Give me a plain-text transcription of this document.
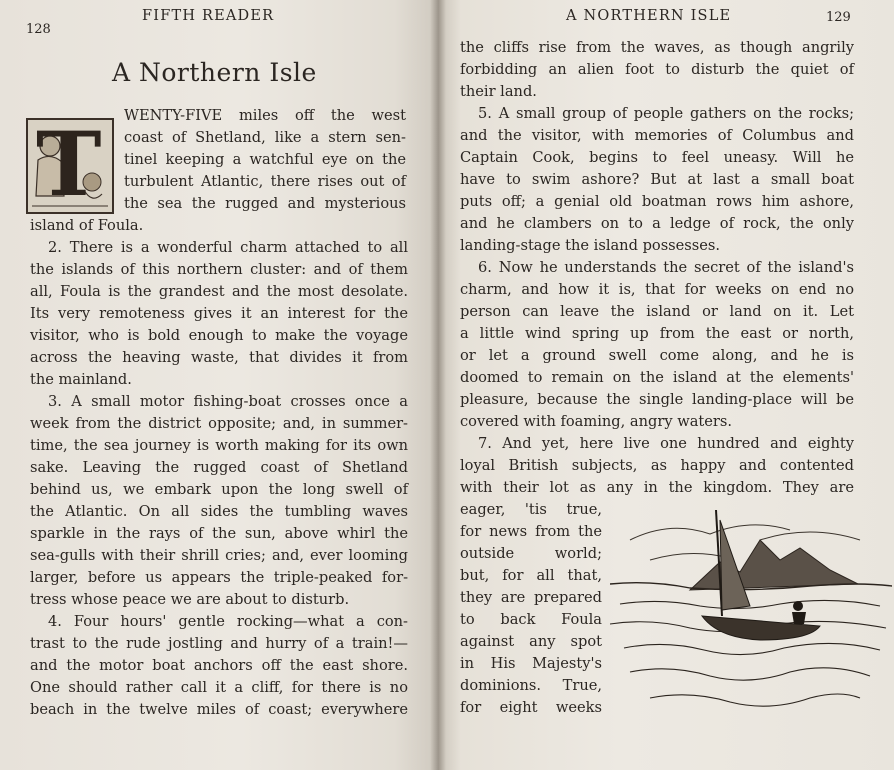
128
FIFTH READER
A Northern Isle
T WENTY-FIVE miles off the west
coast of Shetland, like a stern sen-
tinel keeping a watchful eye on the
turbulent Atlantic, there rises out of
the sea the rugged and mysterious
island of Foula.
2. There is a wonderful charm attached to all
the islands of this northern cluster: and of them
all, Foula is the grandest and the most desolate.
Its very remoteness gives it an interest for the
visitor, who is bold enough to make the voyage
across the heaving waste, that divides it from
the mainland.
3. A small motor fishing-boat crosses once a
week from the district opposite; and, in summer-
time, the sea journey is worth making for its own
sake. Leaving the rugged coast of Shetland
behind us, we embark upon the long swell of
the Atlantic. On all sides the tumbling waves
sparkle in the rays of the sun, above whirl the
sea-gulls with their shrill cries; and, ever looming
larger, before us appears the triple-peaked for-
tress whose peace we are about to disturb.
4. Four hours' gentle rocking—what a con-
trast to the rude jostling and hurry of a train!—
and the motor boat anchors off the east shore.
One should rather call it a cliff, for there is no
beach in the twelve miles of coast; everywhere
A NORTHERN ISLE	129
the cliffs rise from the waves, as though angrily
forbidding an alien foot to disturb the quiet of
their land.
5. A small group of people gathers on the rocks;
and the visitor, with memories of Columbus and
Captain Cook, begins to feel uneasy. Will he
have to swim ashore? But at last a small boat
puts off; a genial old boatman rows him ashore,
and he clambers on to a ledge of rock, the only
landing-stage the island possesses.
6. Now he understands the secret of the island's
charm, and how it is, that for weeks on end no
person can leave the island or land on it. Let
a little wind spring up from the east or north,
or let a ground swell come along, and he is
doomed to remain on the island at the elements'
pleasure, because the single landing-place will be
covered with foaming, angry waters.
7. And yet, here live one hundred and eighty
loyal British subjects, as happy and contented
with their lot as any in the kingdom. They are
eager, 'tis true,
for news from the
outside world;
but, for all that,
they are prepared
to back Foula
against any spot
in His Majesty's
dominions. True,
for eight weeks
